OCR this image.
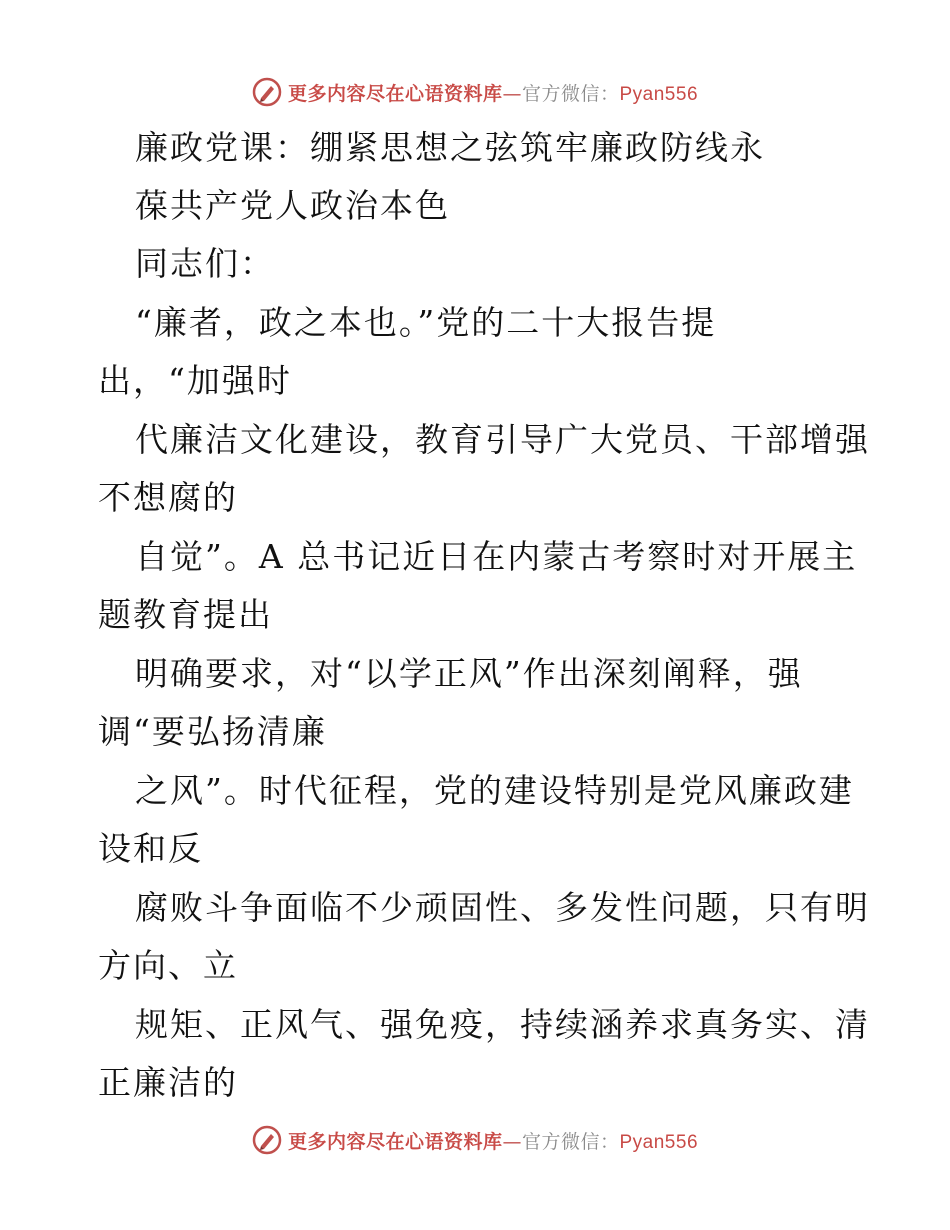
更多内容尽在心语资料库—官方微信：Pyan556
廉政党课：绷紧思想之弦筑牢廉政防线永
葆共产党人政治本色
同志们：
“廉者，政之本也。”党的二十大报告提
出，“加强时
代廉洁文化建设，教育引导广大党员、干部增强
不想腐的
自觉”。A 总书记近日在内蒙古考察时对开展主
题教育提出
明确要求，对“以学正风”作出深刻阐释，强
调“要弘扬清廉
之风”。时代征程，党的建设特别是党风廉政建
设和反
腐败斗争面临不少顽固性、多发性问题，只有明
方向、立
规矩、正风气、强免疫，持续涵养求真务实、清
正廉洁的
更多内容尽在心语资料库—官方微信：Pyan556
